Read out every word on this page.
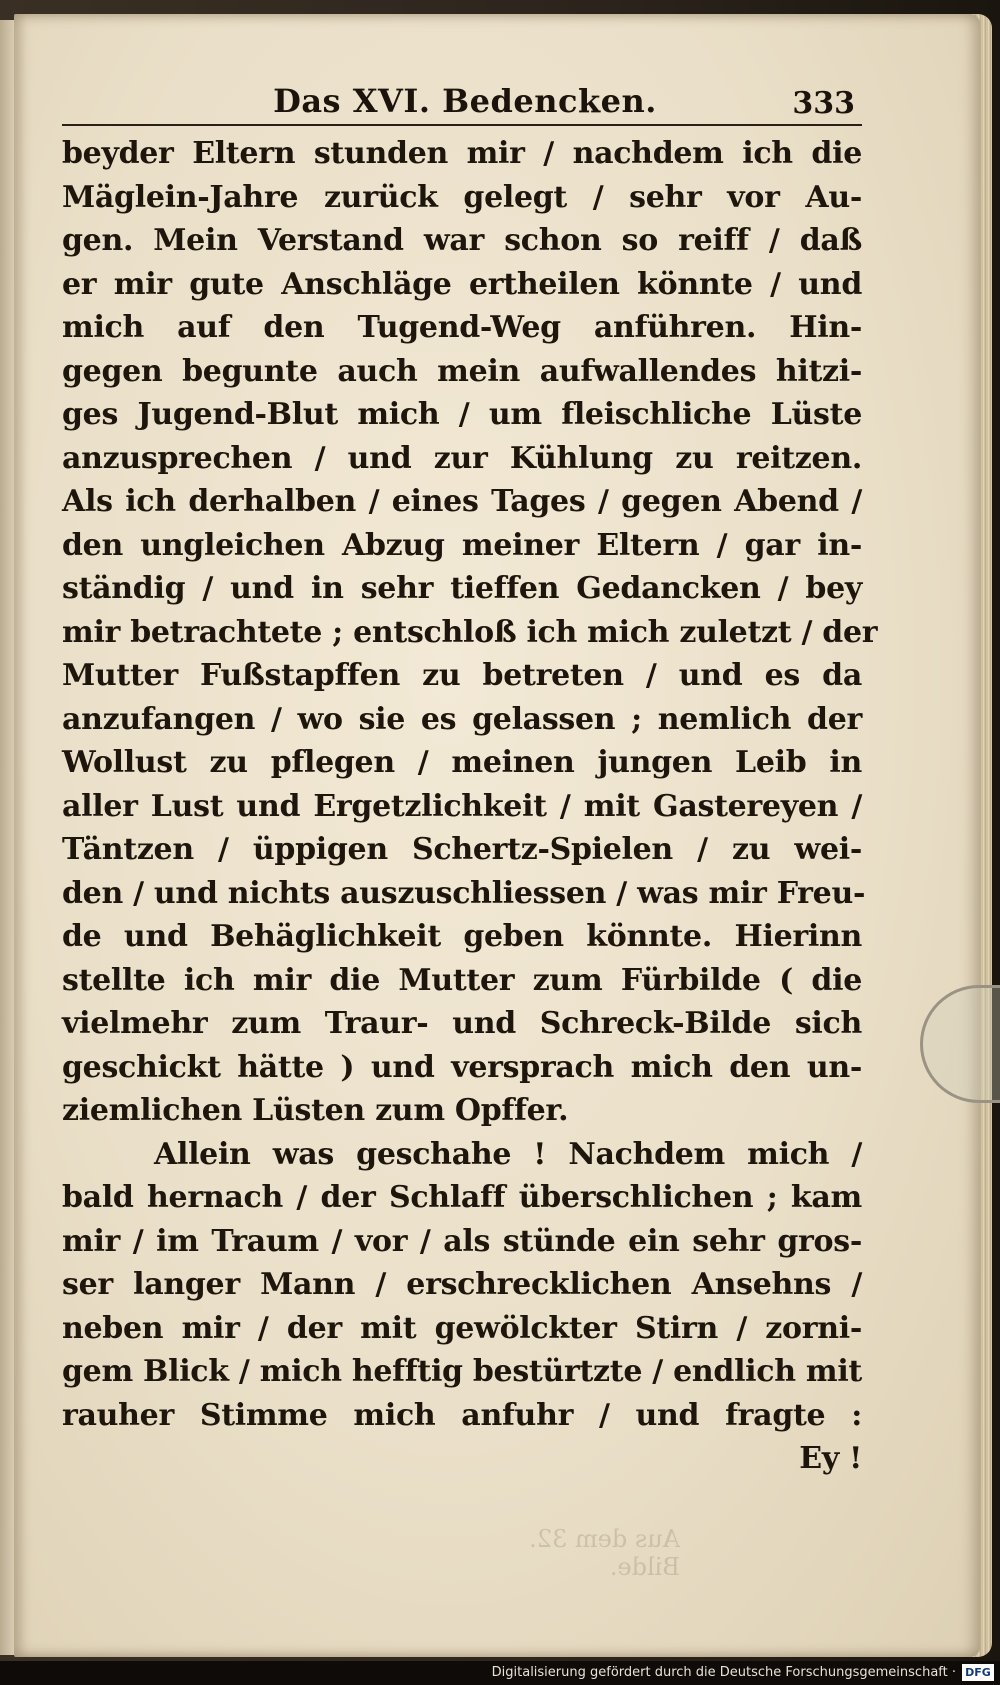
Das XVI. Bedencken.	333
Aus dem 32. Bilde.
beyder Eltern stunden mir / nachdem ich die
Mäglein-Jahre zurück gelegt / sehr vor Au-
gen. Mein Verstand war schon so reiff / daß
er mir gute Anschläge ertheilen könnte / und
mich auf den Tugend-Weg anführen. Hin-
gegen begunte auch mein aufwallendes hitzi-
ges Jugend-Blut mich / um fleischliche Lüste
anzusprechen / und zur Kühlung zu reitzen.
Als ich derhalben / eines Tages / gegen Abend /
den ungleichen Abzug meiner Eltern / gar in-
ständig / und in sehr tieffen Gedancken / bey
mir betrachtete ; entschloß ich mich zuletzt / der
Mutter Fußstapffen zu betreten / und es da
anzufangen / wo sie es gelassen ; nemlich der
Wollust zu pflegen / meinen jungen Leib in
aller Lust und Ergetzlichkeit / mit Gastereyen /
Täntzen / üppigen Schertz-Spielen / zu wei-
den / und nichts auszuschliessen / was mir Freu-
de und Behäglichkeit geben könnte. Hierinn
stellte ich mir die Mutter zum Fürbilde ( die
vielmehr zum Traur- und Schreck-Bilde sich
geschickt hätte ) und versprach mich den un-
ziemlichen Lüsten zum Opffer.
Allein was geschahe ! Nachdem mich /
bald hernach / der Schlaff überschlichen ; kam
mir / im Traum / vor / als stünde ein sehr gros-
ser langer Mann / erschrecklichen Ansehns /
neben mir / der mit gewölckter Stirn / zorni-
gem Blick / mich hefftig bestürtzte / endlich mit
rauher Stimme mich anfuhr / und fragte :
Ey !
Digitalisierung gefördert durch die Deutsche Forschungsgemeinschaft · DFG
